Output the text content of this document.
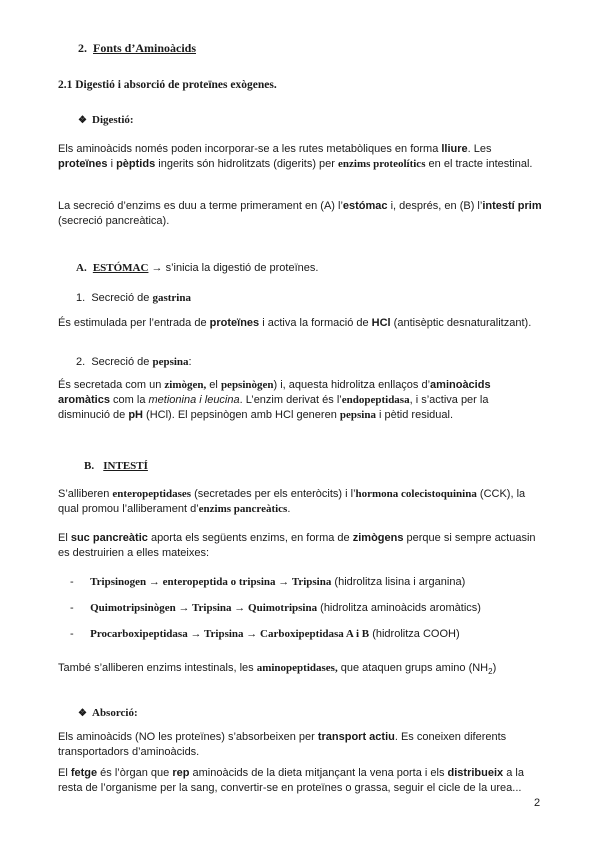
2. Fonts d’Aminoàcids
2.1 Digestió i absorció de proteïnes exògenes.
❖ Digestió:

Els aminoàcids només poden incorporar-se a les rutes metabòliques en forma lliure. Les proteïnes i pèptids ingerits són hidrolitzats (digerits) per enzims proteolítics en el tracte intestinal.

La secreció d’enzims es duu a terme primerament en (A) l’estómac i, després, en (B) l’intestí prim (secreció pancreàtica).

A. ESTÓMAC → s’inicia la digestió de proteïnes.
1. Secreció de gastrina

És estimulada per l’entrada de proteïnes i activa la formació de HCl (antisèptic desnaturalitzant).

2. Secreció de pepsina:

És secretada com un zimògen, el pepsinògen) i, aquesta hidrolitza enllaços d’aminoàcids aromàtics com la metionina i leucina. L’enzim derivat és l’endopeptidasa, i s’activa per la disminució de pH (HCl). El pepsinògen amb HCl generen pepsina i pètid residual.

B. INTESTÍ

S’alliberen enteropeptidases (secretades per els enteròcits) i l’hormona colecistoquinina (CCK), la qual promou l’alliberament d’enzims pancreàtics.

El suc pancreàtic aporta els següents enzims, en forma de zimògens perque si sempre actuasin es destruirien a elles mateixes:

- Tripsinogen → enteropeptida o tripsina → Tripsina (hidrolitza lisina i arganina)
- Quimotripsinògen → Tripsina → Quimotripsina (hidrolitza aminoàcids aromàtics)
- Procarboxipeptidasa → Tripsina → Carboxipeptidasa A i B (hidrolitza COOH)

També s’alliberen enzims intestinals, les aminopeptidases, que ataquen grups amino $(NH_2)$

❖ Absorció:

Els aminoàcids (NO les proteïnes) s’absorbeixen per transport actiu. Es coneixen diferents transportadors d’aminoàcids.

El fetge és l’òrgan que rep aminoàcids de la dieta mitjançant la vena porta i els distribueix a la resta de l’organisme per la sang, convertir-se en proteïnes o grassa, seguir el cicle de la urea...

2
